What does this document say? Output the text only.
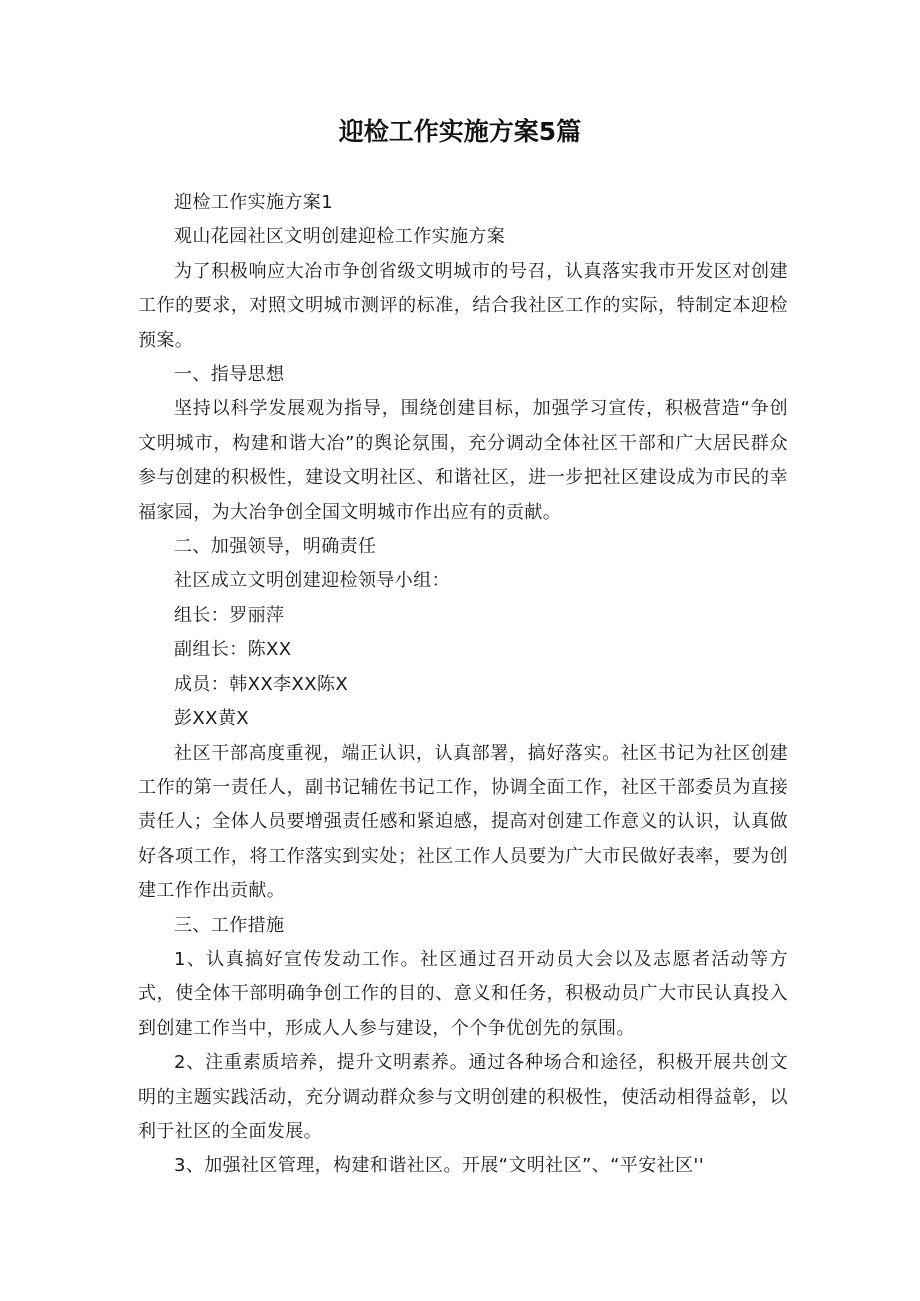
迎检工作实施方案5篇

迎检工作实施方案1

观山花园社区文明创建迎检工作实施方案

为了积极响应大冶市争创省级文明城市的号召，认真落实我市开发区对创建工作的要求，对照文明城市测评的标准，结合我社区工作的实际，特制定本迎检预案。

一、指导思想

坚持以科学发展观为指导，围绕创建目标，加强学习宣传，积极营造“争创文明城市，构建和谐大冶”的舆论氛围，充分调动全体社区干部和广大居民群众参与创建的积极性，建设文明社区、和谐社区，进一步把社区建设成为市民的幸福家园，为大冶争创全国文明城市作出应有的贡献。

二、加强领导，明确责任

社区成立文明创建迎检领导小组：

组长：罗丽萍

副组长：陈XX

成员：韩XX李XX陈X

彭XX黄X

社区干部高度重视，端正认识，认真部署，搞好落实。社区书记为社区创建工作的第一责任人，副书记辅佐书记工作，协调全面工作，社区干部委员为直接责任人；全体人员要增强责任感和紧迫感，提高对创建工作意义的认识，认真做好各项工作，将工作落实到实处；社区工作人员要为广大市民做好表率，要为创建工作作出贡献。

三、工作措施

1、认真搞好宣传发动工作。社区通过召开动员大会以及志愿者活动等方式，使全体干部明确争创工作的目的、意义和任务，积极动员广大市民认真投入到创建工作当中，形成人人参与建设，个个争优创先的氛围。

2、注重素质培养，提升文明素养。通过各种场合和途径，积极开展共创文明的主题实践活动，充分调动群众参与文明创建的积极性，使活动相得益彰，以利于社区的全面发展。

3、加强社区管理，构建和谐社区。开展“文明社区”、“平安社区''
